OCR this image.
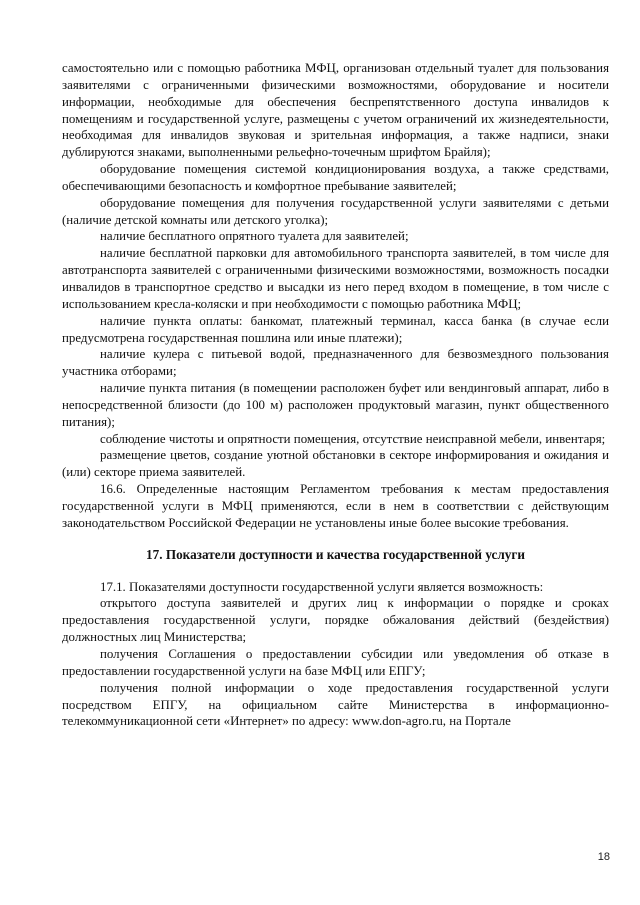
самостоятельно или с помощью работника МФЦ, организован отдельный туалет для пользования заявителями с ограниченными физическими возможностями, оборудование и носители информации, необходимые для обеспечения беспрепятственного доступа инвалидов к помещениям и государственной услуге, размещены с учетом ограничений их жизнедеятельности, необходимая для инвалидов звуковая и зрительная информация, а также надписи, знаки дублируются знаками, выполненными рельефно-точечным шрифтом Брайля);

оборудование помещения системой кондиционирования воздуха, а также средствами, обеспечивающими безопасность и комфортное пребывание заявителей;

оборудование помещения для получения государственной услуги заявителями с детьми (наличие детской комнаты или детского уголка);

наличие бесплатного опрятного туалета для заявителей;

наличие бесплатной парковки для автомобильного транспорта заявителей, в том числе для автотранспорта заявителей с ограниченными физическими возможностями, возможность посадки инвалидов в транспортное средство и высадки из него перед входом в помещение, в том числе с использованием кресла-коляски и при необходимости с помощью работника МФЦ;

наличие пункта оплаты: банкомат, платежный терминал, касса банка (в случае если предусмотрена государственная пошлина или иные платежи);

наличие кулера с питьевой водой, предназначенного для безвозмездного пользования участника отборами;

наличие пункта питания (в помещении расположен буфет или вендинговый аппарат, либо в непосредственной близости (до 100 м) расположен продуктовый магазин, пункт общественного питания);

соблюдение чистоты и опрятности помещения, отсутствие неисправной мебели, инвентаря;

размещение цветов, создание уютной обстановки в секторе информирования и ожидания и (или) секторе приема заявителей.

16.6. Определенные настоящим Регламентом требования к местам предоставления государственной услуги в МФЦ применяются, если в нем в соответствии с действующим законодательством Российской Федерации не установлены иные более высокие требования.

17. Показатели доступности и качества государственной услуги

17.1. Показателями доступности государственной услуги является возможность:

открытого доступа заявителей и других лиц к информации о порядке и сроках предоставления государственной услуги, порядке обжалования действий (бездействия) должностных лиц Министерства;

получения Соглашения о предоставлении субсидии или уведомления об отказе в предоставлении государственной услуги на базе МФЦ или ЕПГУ;

получения полной информации о ходе предоставления государственной услуги посредством ЕПГУ, на официальном сайте Министерства в информационно-телекоммуникационной сети «Интернет» по адресу: www.don-agro.ru, на Портале

18
